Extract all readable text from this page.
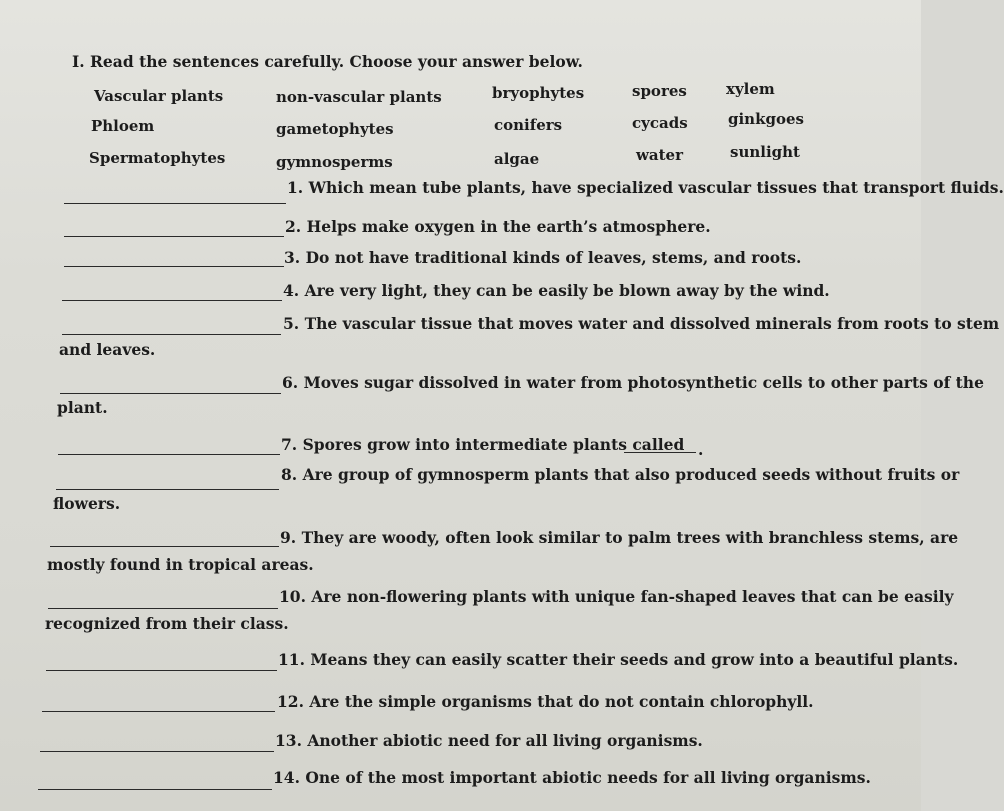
I. Read the sentences carefully. Choose your answer below.
Vascular plants	non-vascular plants	bryophytes	spores	xylem
Phloem	gametophytes	conifers	cycads	ginkgoes
Spermatophytes	gymnosperms	algae	water	sunlight
1. Which mean tube plants, have specialized vascular tissues that transport fluids.
2. Helps make oxygen in the earth’s atmosphere.
3. Do not have traditional kinds of leaves, stems, and roots.
4. Are very light, they can be easily be blown away by the wind.
5. The vascular tissue that moves water and dissolved minerals from roots to stem
and leaves.
6. Moves sugar dissolved in water from photosynthetic cells to other parts of the
plant.
7. Spores grow into intermediate plants called .
8. Are group of gymnosperm plants that also produced seeds without fruits or
flowers.
9. They are woody, often look similar to palm trees with branchless stems, are
mostly found in tropical areas.
10. Are non-flowering plants with unique fan-shaped leaves that can be easily
recognized from their class.
11. Means they can easily scatter their seeds and grow into a beautiful plants.
12. Are the simple organisms that do not contain chlorophyll.
13. Another abiotic need for all living organisms.
14. One of the most important abiotic needs for all living organisms.
